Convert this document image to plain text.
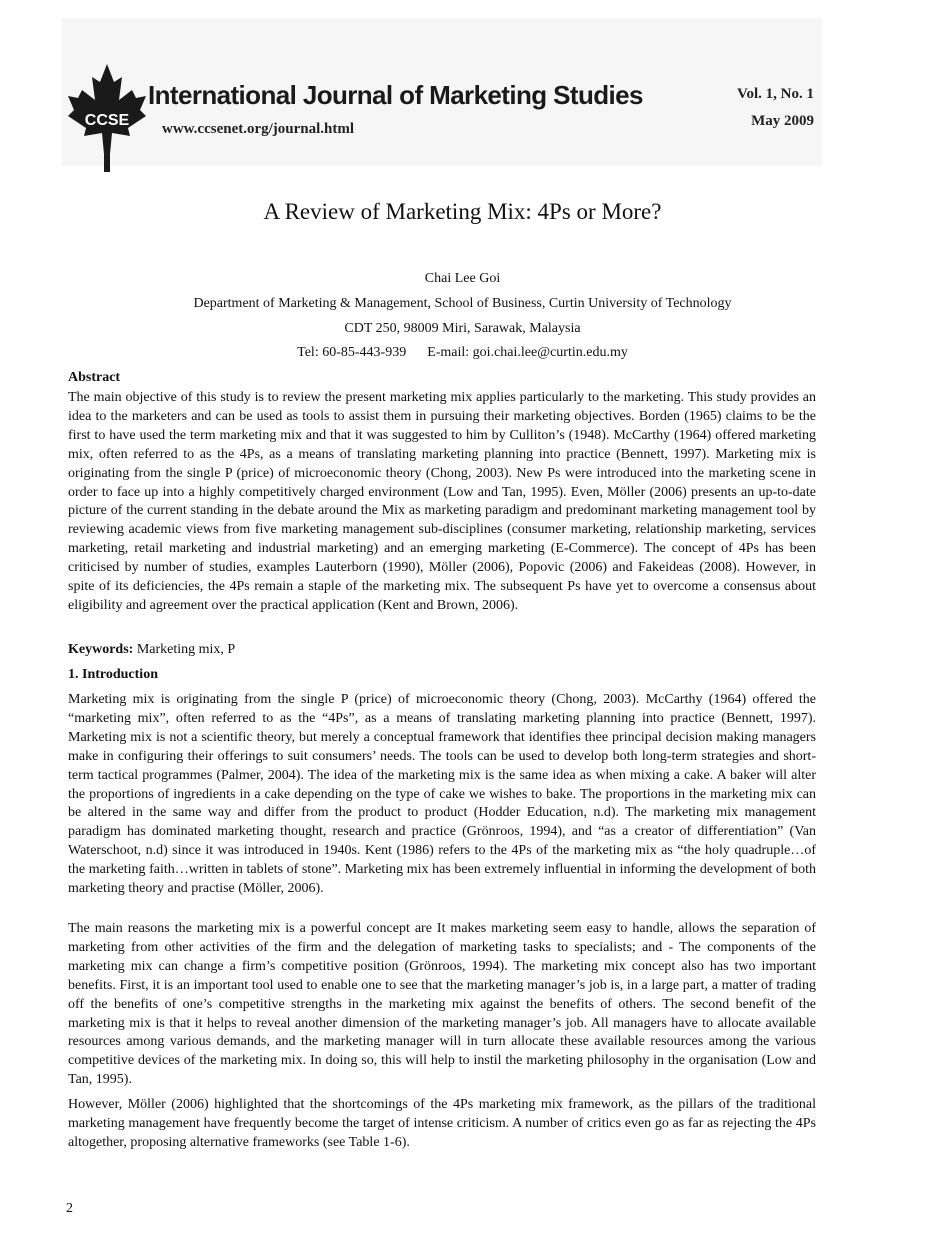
CCSE
International Journal of Marketing Studies
www.ccsenet.org/journal.html
Vol. 1, No. 1
May 2009
A Review of Marketing Mix: 4Ps or More?
Chai Lee Goi
Department of Marketing & Management, School of Business, Curtin University of Technology
CDT 250, 98009 Miri, Sarawak, Malaysia
Tel: 60-85-443-939      E-mail: goi.chai.lee@curtin.edu.my
Abstract
The main objective of this study is to review the present marketing mix applies particularly to the marketing. This study provides an idea to the marketers and can be used as tools to assist them in pursuing their marketing objectives. Borden (1965) claims to be the first to have used the term marketing mix and that it was suggested to him by Culliton’s (1948). McCarthy (1964) offered marketing mix, often referred to as the 4Ps, as a means of translating marketing planning into practice (Bennett, 1997). Marketing mix is originating from the single P (price) of microeconomic theory (Chong, 2003). New Ps were introduced into the marketing scene in order to face up into a highly competitively charged environment (Low and Tan, 1995). Even, Möller (2006) presents an up-to-date picture of the current standing in the debate around the Mix as marketing paradigm and predominant marketing management tool by reviewing academic views from five marketing management sub-disciplines (consumer marketing, relationship marketing, services marketing, retail marketing and industrial marketing) and an emerging marketing (E-Commerce). The concept of 4Ps has been criticised by number of studies, examples Lauterborn (1990), Möller (2006), Popovic (2006) and Fakeideas (2008). However, in spite of its deficiencies, the 4Ps remain a staple of the marketing mix. The subsequent Ps have yet to overcome a consensus about eligibility and agreement over the practical application (Kent and Brown, 2006).
Keywords: Marketing mix, P
1. Introduction
Marketing mix is originating from the single P (price) of microeconomic theory (Chong, 2003). McCarthy (1964) offered the “marketing mix”, often referred to as the “4Ps”, as a means of translating marketing planning into practice (Bennett, 1997). Marketing mix is not a scientific theory, but merely a conceptual framework that identifies thee principal decision making managers make in configuring their offerings to suit consumers’ needs. The tools can be used to develop both long-term strategies and short-term tactical programmes (Palmer, 2004). The idea of the marketing mix is the same idea as when mixing a cake. A baker will alter the proportions of ingredients in a cake depending on the type of cake we wishes to bake. The proportions in the marketing mix can be altered in the same way and differ from the product to product (Hodder Education, n.d). The marketing mix management paradigm has dominated marketing thought, research and practice (Grönroos, 1994), and “as a creator of differentiation” (Van Waterschoot, n.d) since it was introduced in 1940s. Kent (1986) refers to the 4Ps of the marketing mix as “the holy quadruple…of the marketing faith…written in tablets of stone”. Marketing mix has been extremely influential in informing the development of both marketing theory and practise (Möller, 2006).
The main reasons the marketing mix is a powerful concept are It makes marketing seem easy to handle, allows the separation of marketing from other activities of the firm and the delegation of marketing tasks to specialists; and - The components of the marketing mix can change a firm’s competitive position (Grönroos, 1994). The marketing mix concept also has two important benefits. First, it is an important tool used to enable one to see that the marketing manager’s job is, in a large part, a matter of trading off the benefits of one’s competitive strengths in the marketing mix against the benefits of others. The second benefit of the marketing mix is that it helps to reveal another dimension of the marketing manager’s job. All managers have to allocate available resources among various demands, and the marketing manager will in turn allocate these available resources among the various competitive devices of the marketing mix. In doing so, this will help to instil the marketing philosophy in the organisation (Low and Tan, 1995).
However, Möller (2006) highlighted that the shortcomings of the 4Ps marketing mix framework, as the pillars of the traditional marketing management have frequently become the target of intense criticism. A number of critics even go as far as rejecting the 4Ps altogether, proposing alternative frameworks (see Table 1-6).
2
